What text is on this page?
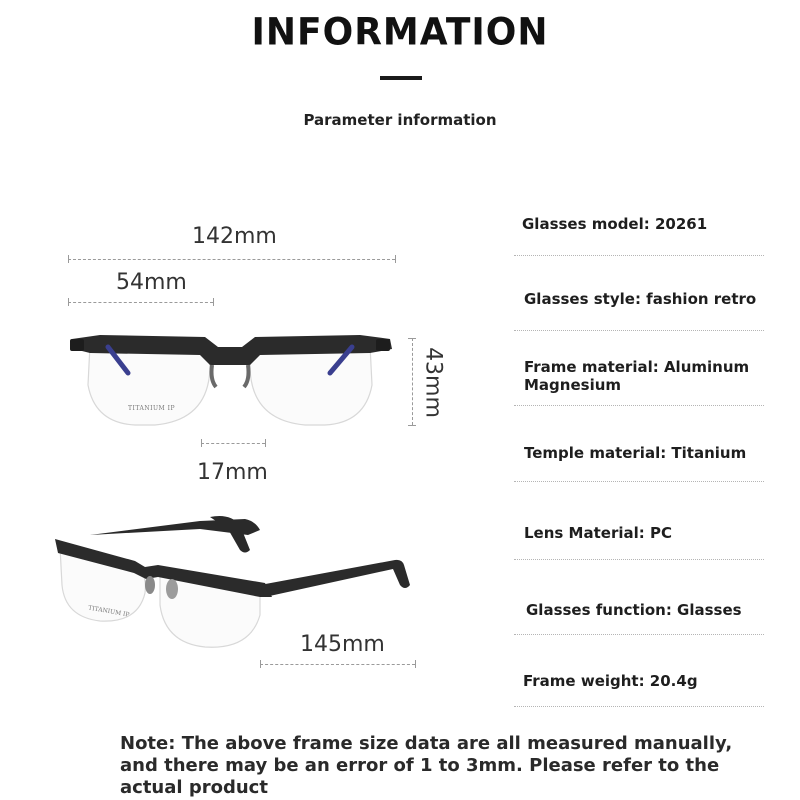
INFORMATION
Parameter information
142mm
54mm
43mm
TITANIUM IP
17mm
TITANIUM IP
145mm
Glasses model: 20261
Glasses style: fashion retro
Frame material: Aluminum Magnesium
Temple material: Titanium
Lens Material: PC
Glasses function: Glasses
Frame weight: 20.4g
Note: The above frame size data are all measured manually, and there may be an error of 1 to 3mm. Please refer to the actual product
